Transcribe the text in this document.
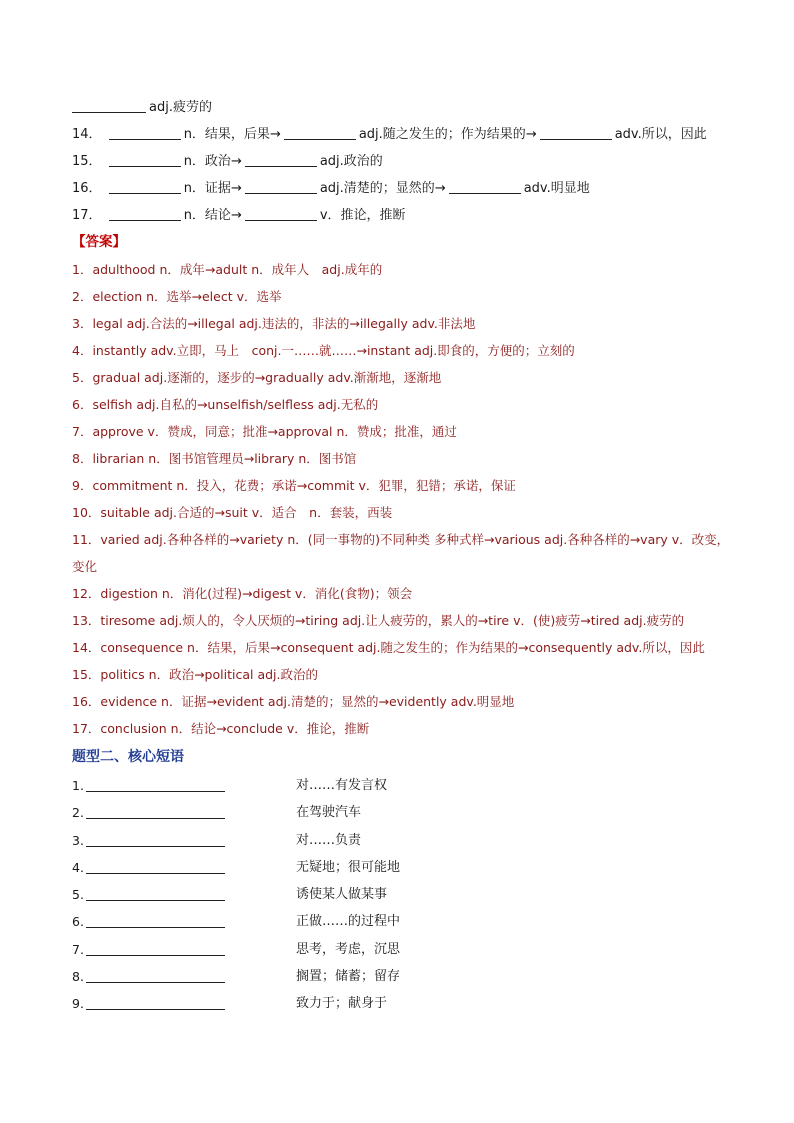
adj.疲劳的
14．	n．结果，后果→	adj.随之发生的；作为结果的→	adv.所以，因此
15．	n．政治→	adj.政治的
16．	n．证据→	adj.清楚的；显然的→	adv.明显地
17．	n．结论→	v．推论，推断
【答案】
1．adulthood n．成年→adult n．成年人　adj.成年的
2．election n．选举→elect v．选举
3．legal adj.合法的→illegal adj.违法的，非法的→illegally adv.非法地
4．instantly adv.立即，马上　conj.一……就……→instant adj.即食的，方便的；立刻的
5．gradual adj.逐渐的，逐步的→gradually adv.渐渐地，逐渐地
6．selfish adj.自私的→unselfish/selfless adj.无私的
7．approve v．赞成，同意；批准→approval n．赞成；批准，通过
8．librarian n．图书馆管理员→library n．图书馆
9．commitment n．投入，花费；承诺→commit v．犯罪，犯错；承诺，保证
10．suitable adj.合适的→suit v．适合　n．套装，西装
11．varied adj.各种各样的→variety n．(同一事物的)不同种类 多种式样→various adj.各种各样的→vary v．改变，变化
12．digestion n．消化(过程)→digest v．消化(食物)；领会
13．tiresome adj.烦人的，令人厌烦的→tiring adj.让人疲劳的，累人的→tire v．(使)疲劳→tired adj.疲劳的
14．consequence n．结果，后果→consequent adj.随之发生的；作为结果的→consequently adv.所以，因此
15．politics n．政治→political adj.政治的
16．evidence n．证据→evident adj.清楚的；显然的→evidently adv.明显地
17．conclusion n．结论→conclude v．推论，推断
题型二、核心短语
1.	对……有发言权
2.	在驾驶汽车
3.	对……负责
4.	无疑地；很可能地
5.	诱使某人做某事
6.	正做……的过程中
7.	思考，考虑，沉思
8.	搁置；储蓄；留存
9.	致力于；献身于
